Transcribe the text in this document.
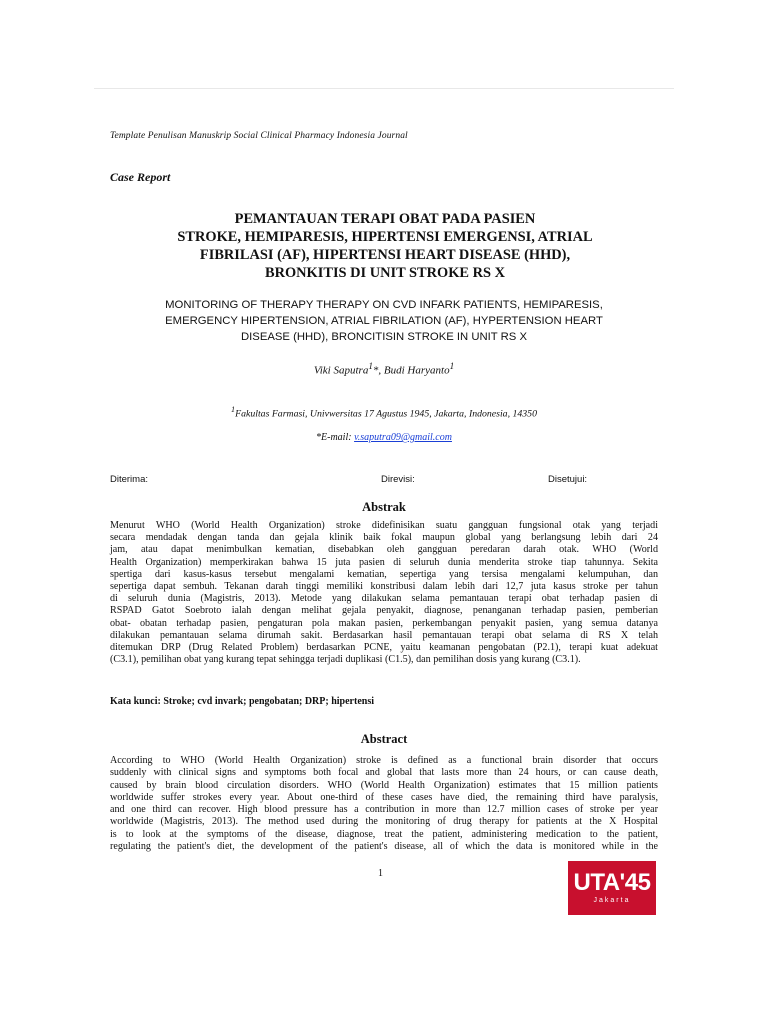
Template Penulisan Manuskrip Social Clinical Pharmacy Indonesia Journal
Case Report
PEMANTAUAN TERAPI OBAT PADA PASIEN
STROKE, HEMIPARESIS, HIPERTENSI EMERGENSI, ATRIAL
FIBRILASI (AF), HIPERTENSI HEART DISEASE (HHD),
BRONKITIS DI UNIT STROKE RS X
MONITORING OF THERAPY THERAPY ON CVD INFARK PATIENTS, HEMIPARESIS,
EMERGENCY HIPERTENSION, ATRIAL FIBRILATION (AF), HYPERTENSION HEART
DISEASE (HHD), BRONCITISIN STROKE IN UNIT RS X
Viki Saputra$^1$*, Budi Haryanto$^1$
$^1$Fakultas Farmasi, Univwersitas 17 Agustus 1945, Jakarta, Indonesia, 14350
*E-mail: v.saputra09@gmail.com
Diterima:	Direvisi:	Disetujui:
Abstrak
Menurut WHO (World Health Organization) stroke didefinisikan suatu gangguan fungsional otak yang terjadi
secara mendadak dengan tanda dan gejala klinik baik fokal maupun global yang berlangsung lebih dari 24
jam, atau dapat menimbulkan kematian, disebabkan oleh gangguan peredaran darah otak. WHO (World
Health Organization) memperkirakan bahwa 15 juta pasien di seluruh dunia menderita stroke tiap tahunnya. Sekita
spertiga dari kasus-kasus tersebut mengalami kematian, sepertiga yang tersisa mengalami kelumpuhan, dan
sepertiga dapat sembuh. Tekanan darah tinggi memiliki konstribusi dalam lebih dari 12,7 juta kasus stroke per tahun
di seluruh dunia (Magistris, 2013). Metode yang dilakukan selama pemantauan terapi obat terhadap pasien di
RSPAD Gatot Soebroto ialah dengan melihat gejala penyakit, diagnose, penanganan terhadap pasien, pemberian
obat- obatan terhadap pasien, pengaturan pola makan pasien, perkembangan penyakit pasien, yang semua datanya
dilakukan pemantauan selama dirumah sakit. Berdasarkan hasil pemantauan terapi obat selama di RS X telah
ditemukan DRP (Drug Related Problem) berdasarkan PCNE, yaitu keamanan pengobatan (P2.1), terapi kuat adekuat
(C3.1), pemilihan obat yang kurang tepat sehingga terjadi duplikasi (C1.5), dan pemilihan dosis yang kurang (C3.1).
Kata kunci: Stroke; cvd invark; pengobatan; DRP; hipertensi
Abstract
According to WHO (World Health Organization) stroke is defined as a functional brain disorder that occurs
suddenly with clinical signs and symptoms both focal and global that lasts more than 24 hours, or can cause death,
caused by brain blood circulation disorders. WHO (World Health Organization) estimates that 15 million patients
worldwide suffer strokes every year. About one-third of these cases have died, the remaining third have paralysis,
and one third can recover. High blood pressure has a contribution in more than 12.7 million cases of stroke per year
worldwide (Magistris, 2013). The method used during the monitoring of drug therapy for patients at the X Hospital
is to look at the symptoms of the disease, diagnose, treat the patient, administering medication to the patient,
regulating the patient's diet, the development of the patient's disease, all of which the data is monitored while in the
1	UTA'45
Jakarta
